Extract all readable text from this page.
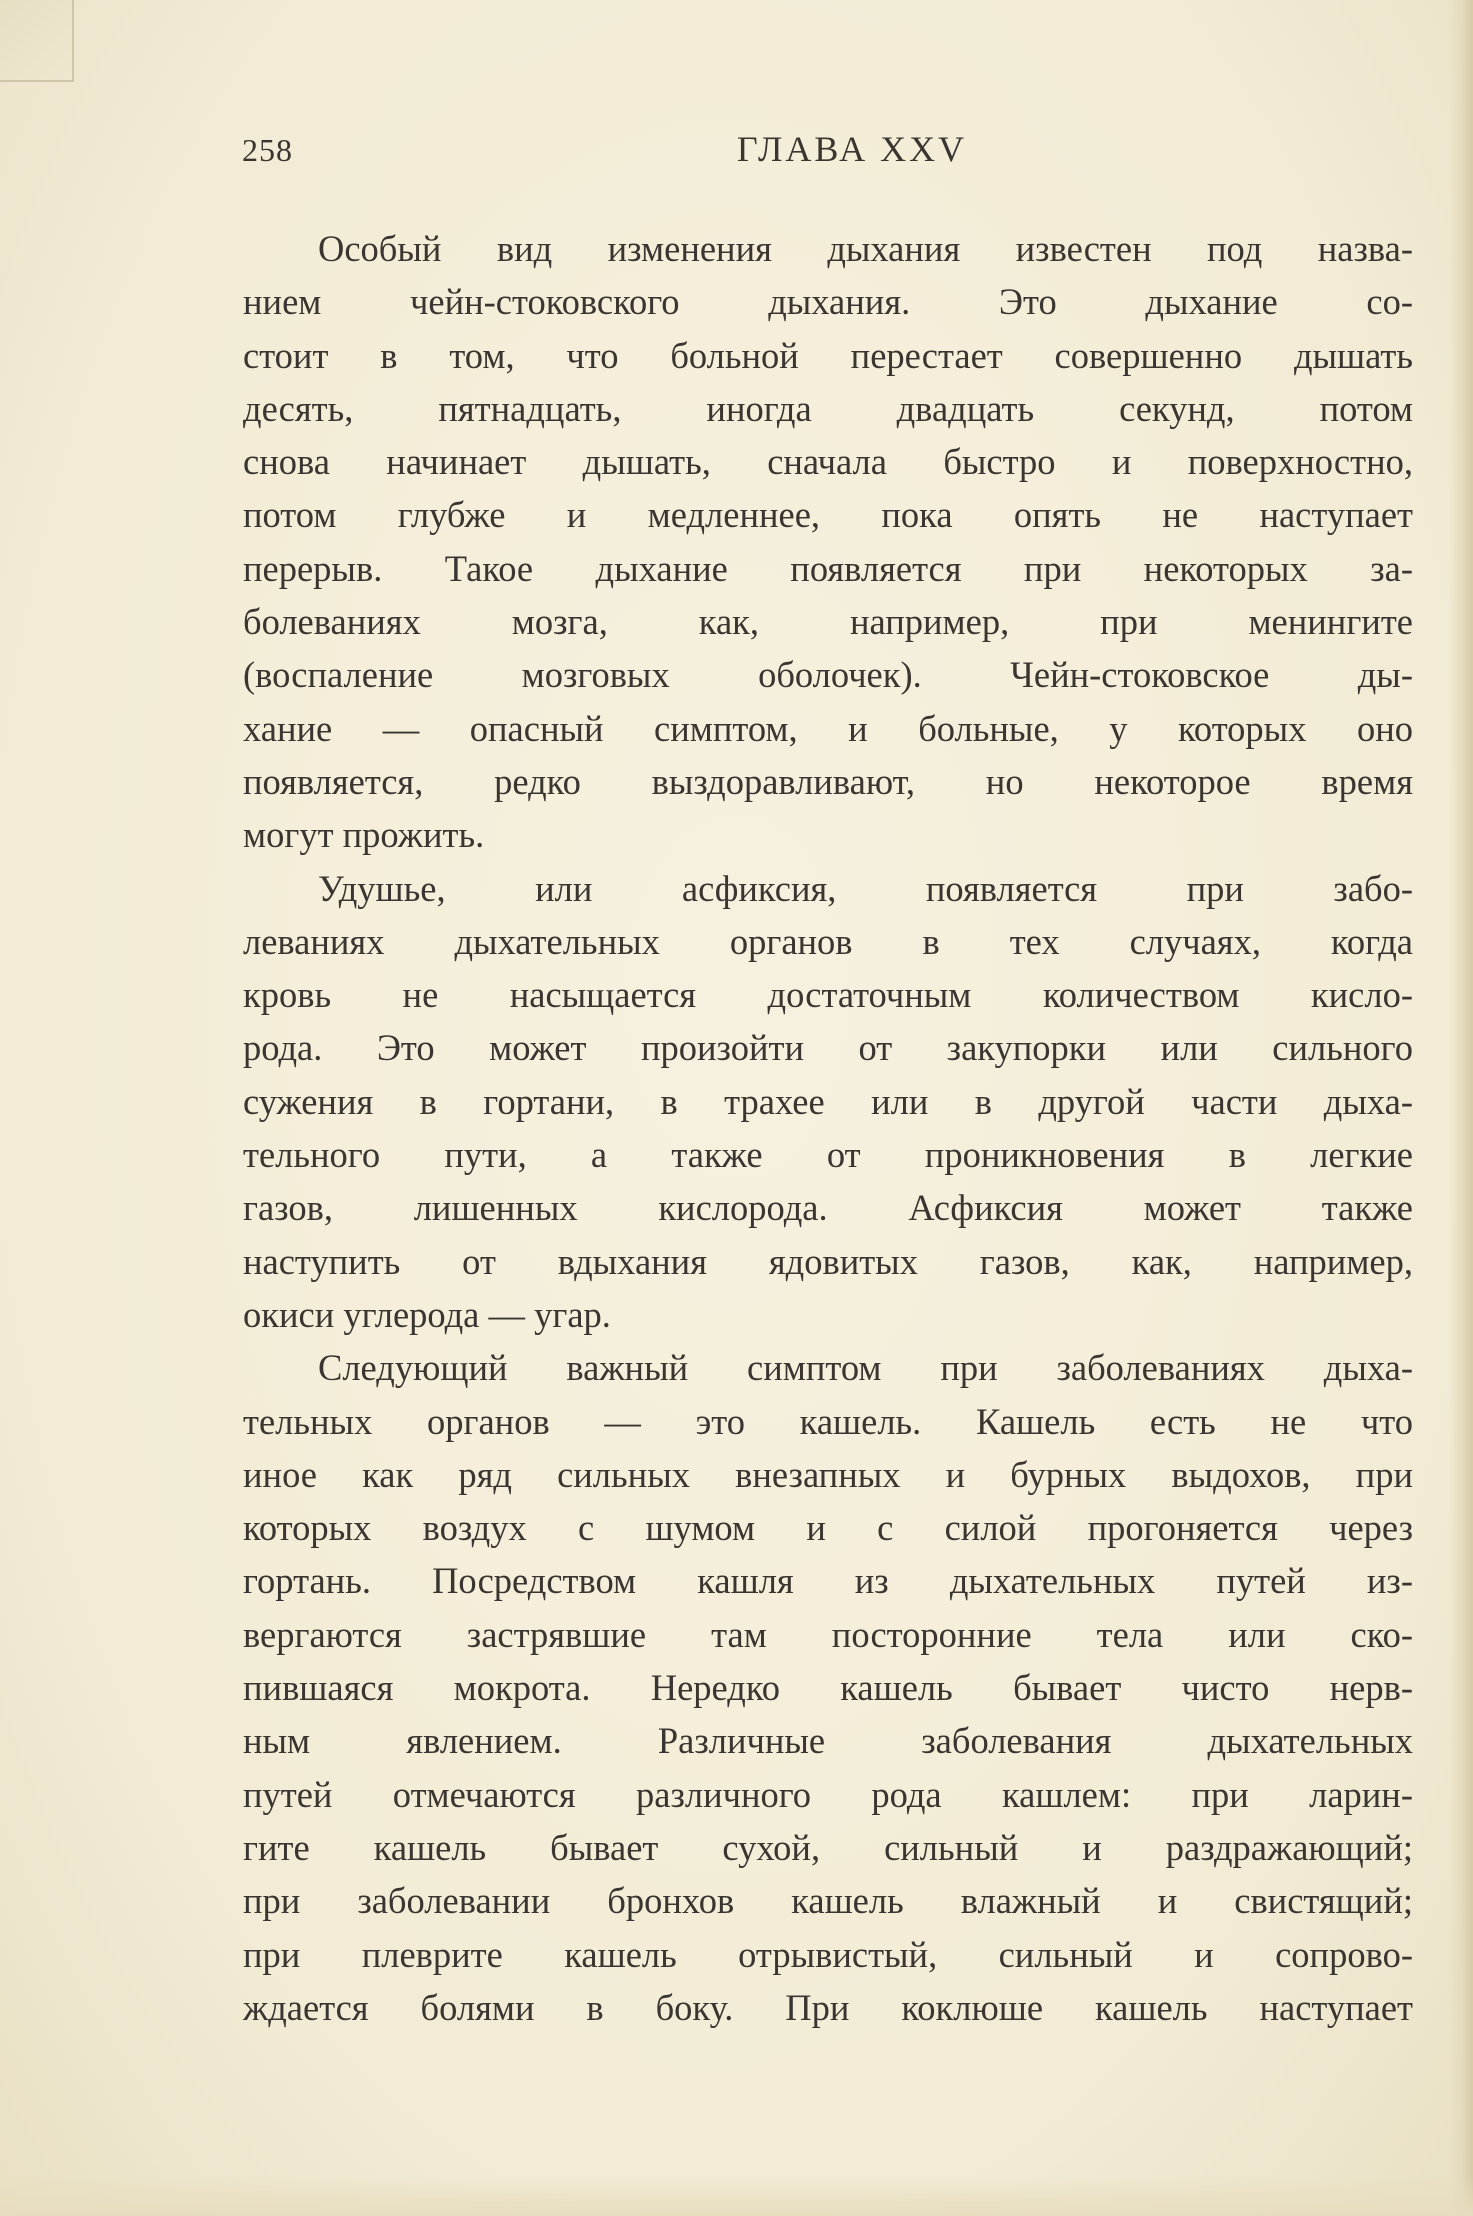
258	ГЛАВА XXV
Особый вид изменения дыхания известен под назва-
нием чейн-стоковского дыхания. Это дыхание со-
стоит в том, что больной перестает совершенно дышать
десять, пятнадцать, иногда двадцать секунд, потом
снова начинает дышать, сначала быстро и поверхностно,
потом глубже и медленнее, пока опять не наступает
перерыв. Такое дыхание появляется при некоторых за-
болеваниях мозга, как, например, при менингите
(воспаление мозговых оболочек). Чейн-стоковское ды-
хание — опасный симптом, и больные, у которых оно
появляется, редко выздоравливают, но некоторое время
могут прожить.
Удушье, или асфиксия, появляется при забо-
леваниях дыхательных органов в тех случаях, когда
кровь не насыщается достаточным количеством кисло-
рода. Это может произойти от закупорки или сильного
сужения в гортани, в трахее или в другой части дыха-
тельного пути, а также от проникновения в легкие
газов, лишенных кислорода. Асфиксия может также
наступить от вдыхания ядовитых газов, как, например,
окиси углерода — угар.
Следующий важный симптом при заболеваниях дыха-
тельных органов — это кашель. Кашель есть не что
иное как ряд сильных внезапных и бурных выдохов, при
которых воздух с шумом и с силой прогоняется через
гортань. Посредством кашля из дыхательных путей из-
вергаются застрявшие там посторонние тела или ско-
пившаяся мокрота. Нередко кашель бывает чисто нерв-
ным явлением. Различные заболевания дыхательных
путей отмечаются различного рода кашлем: при ларин-
гите кашель бывает сухой, сильный и раздражающий;
при заболевании бронхов кашель влажный и свистящий;
при плеврите кашель отрывистый, сильный и сопрово-
ждается болями в боку. При коклюше кашель наступает
